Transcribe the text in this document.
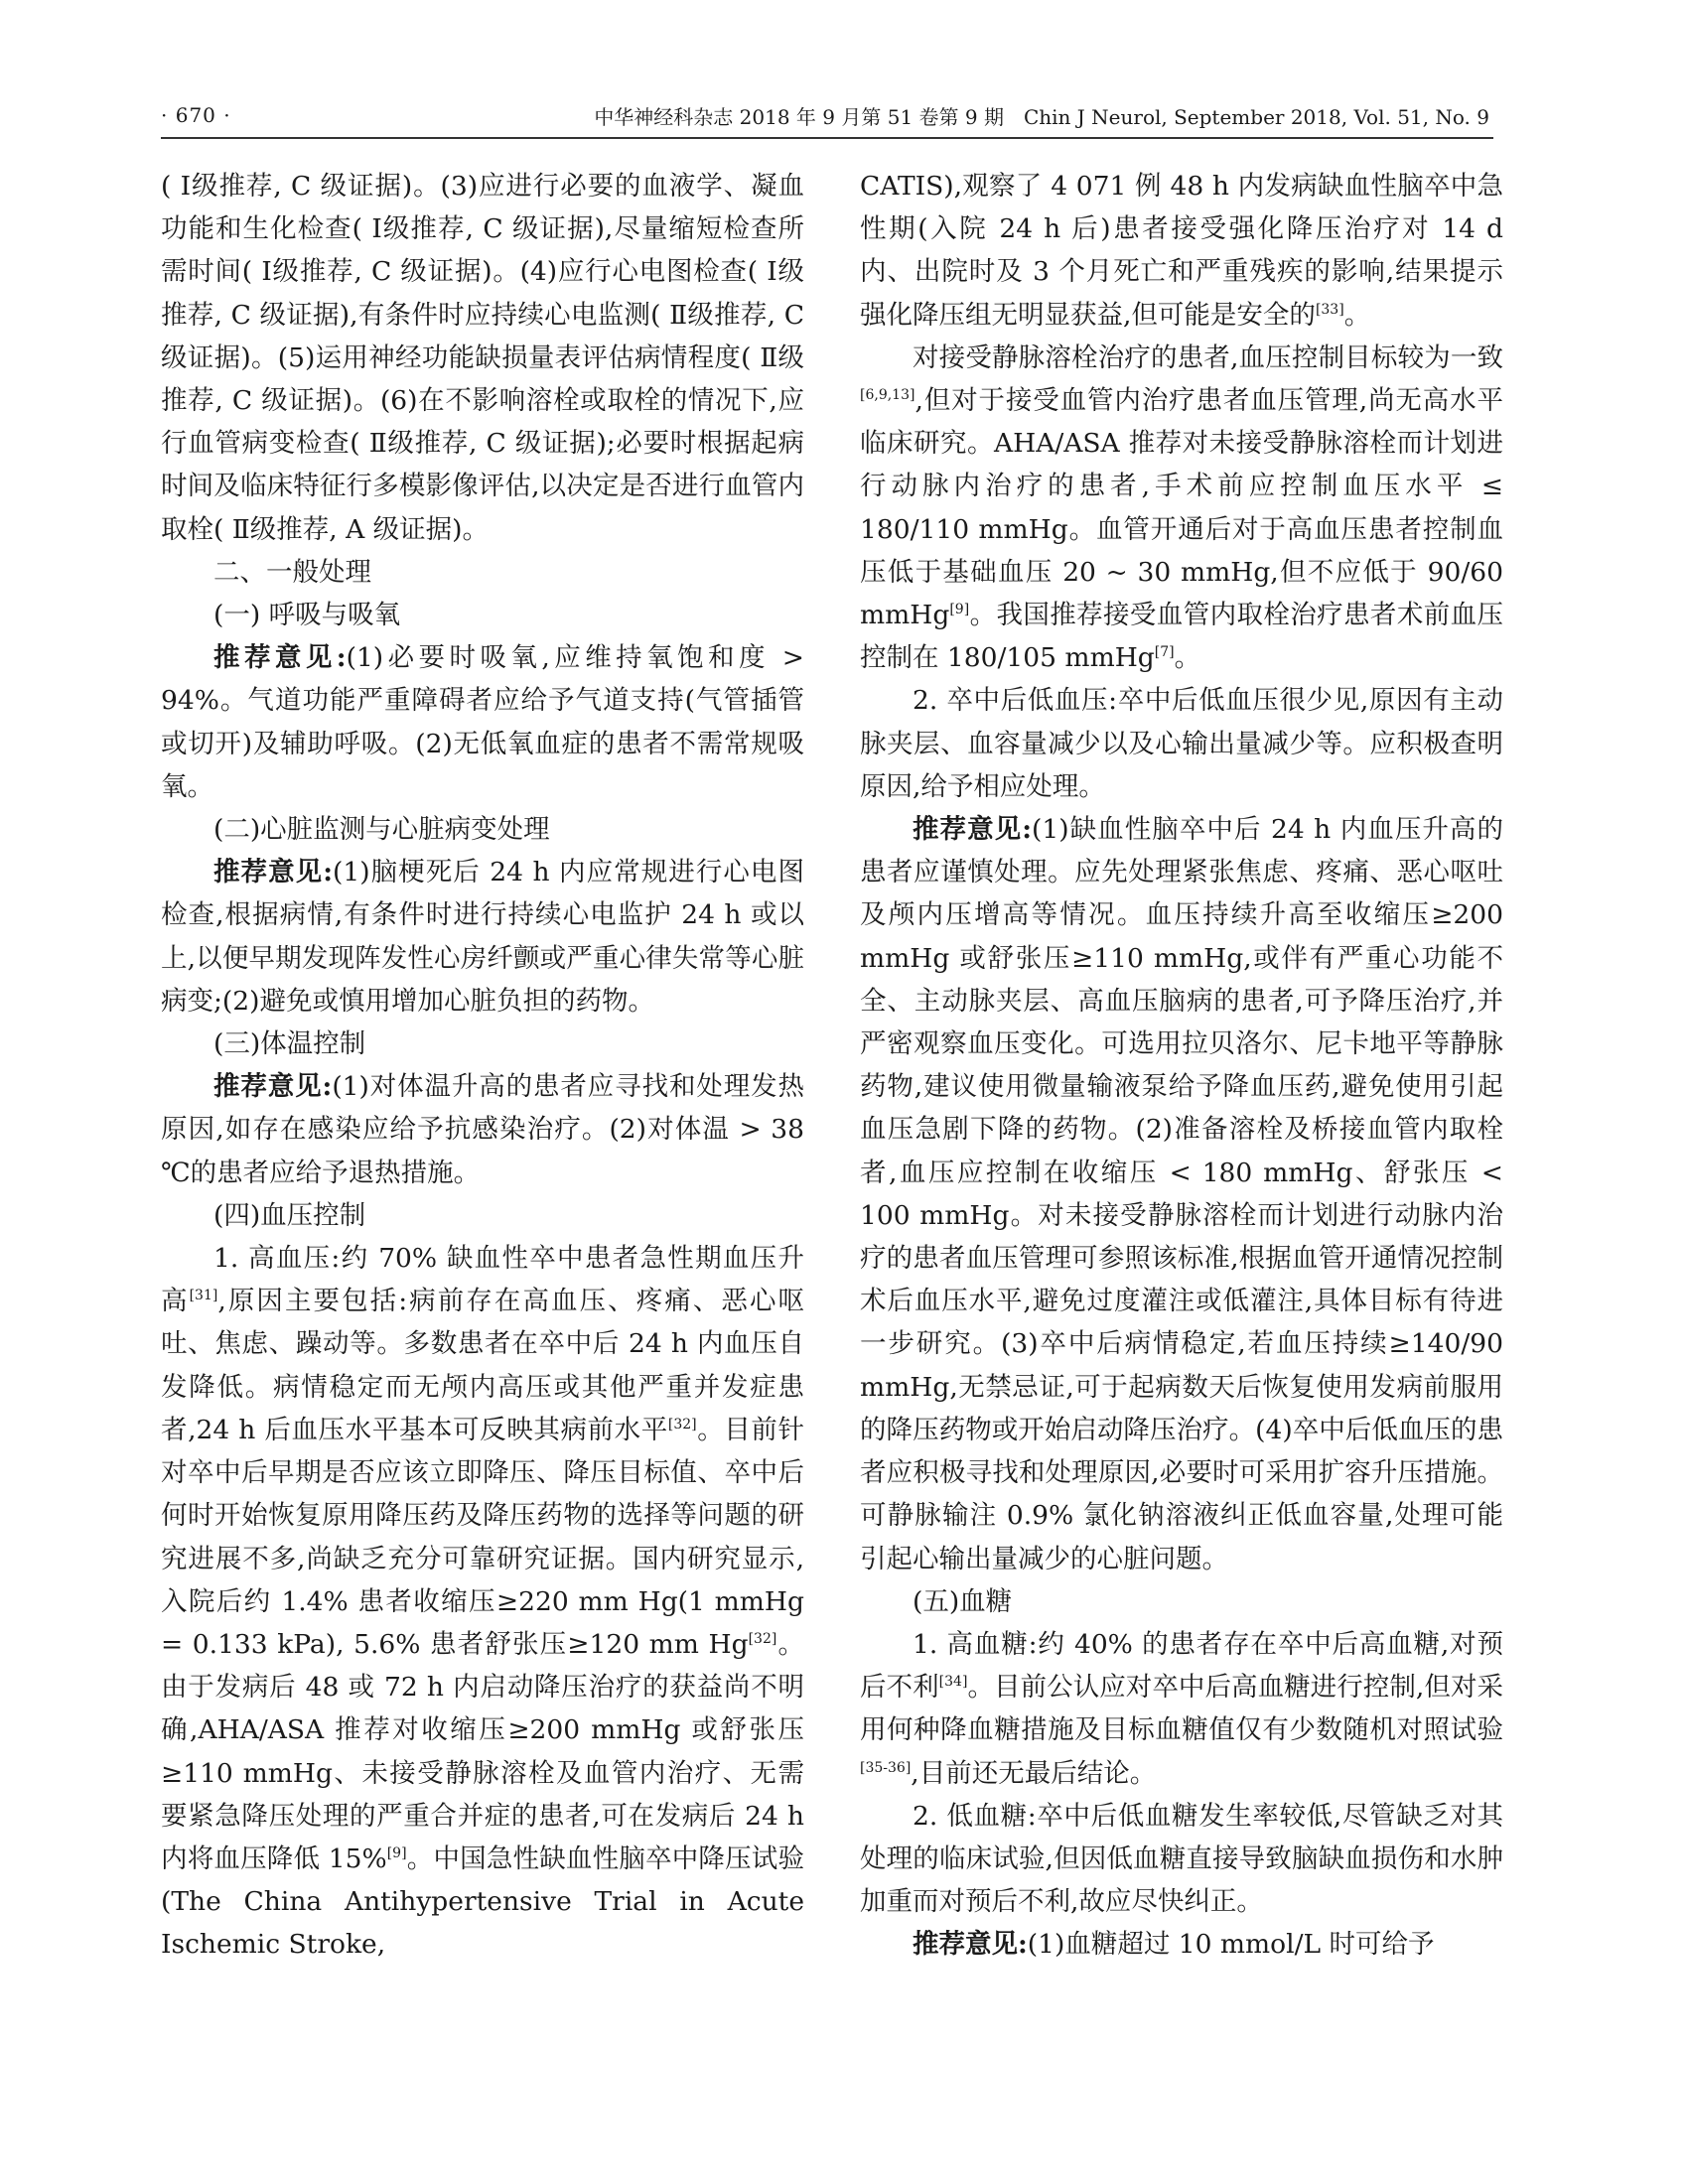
· 670 ·	中华神经科杂志 2018 年 9 月第 51 卷第 9 期　Chin J Neurol, September 2018, Vol. 51, No. 9

( Ⅰ级推荐, C 级证据)。(3)应进行必要的血液学、凝血功能和生化检查( Ⅰ级推荐, C 级证据),尽量缩短检查所需时间( Ⅰ级推荐, C 级证据)。(4)应行心电图检查( Ⅰ级推荐, C 级证据),有条件时应持续心电监测( Ⅱ级推荐, C 级证据)。(5)运用神经功能缺损量表评估病情程度( Ⅱ级推荐, C 级证据)。(6)在不影响溶栓或取栓的情况下,应行血管病变检查( Ⅱ级推荐, C 级证据);必要时根据起病时间及临床特征行多模影像评估,以决定是否进行血管内取栓( Ⅱ级推荐, A 级证据)。

二、一般处理

(一) 呼吸与吸氧

推荐意见:(1)必要时吸氧,应维持氧饱和度 > 94%。气道功能严重障碍者应给予气道支持(气管插管或切开)及辅助呼吸。(2)无低氧血症的患者不需常规吸氧。

(二)心脏监测与心脏病变处理

推荐意见:(1)脑梗死后 24 h 内应常规进行心电图检查,根据病情,有条件时进行持续心电监护 24 h 或以上,以便早期发现阵发性心房纤颤或严重心律失常等心脏病变;(2)避免或慎用增加心脏负担的药物。

(三)体温控制

推荐意见:(1)对体温升高的患者应寻找和处理发热原因,如存在感染应给予抗感染治疗。(2)对体温 > 38 ℃的患者应给予退热措施。

(四)血压控制

1. 高血压:约 70% 缺血性卒中患者急性期血压升高[31],原因主要包括:病前存在高血压、疼痛、恶心呕吐、焦虑、躁动等。多数患者在卒中后 24 h 内血压自发降低。病情稳定而无颅内高压或其他严重并发症患者,24 h 后血压水平基本可反映其病前水平[32]。目前针对卒中后早期是否应该立即降压、降压目标值、卒中后何时开始恢复原用降压药及降压药物的选择等问题的研究进展不多,尚缺乏充分可靠研究证据。国内研究显示,入院后约 1.4% 患者收缩压≥220 mm Hg(1 mmHg = 0.133 kPa), 5.6% 患者舒张压≥120 mm Hg[32]。由于发病后 48 或 72 h 内启动降压治疗的获益尚不明确,AHA/ASA 推荐对收缩压≥200 mmHg 或舒张压≥110 mmHg、未接受静脉溶栓及血管内治疗、无需要紧急降压处理的严重合并症的患者,可在发病后 24 h 内将血压降低 15%[9]。中国急性缺血性脑卒中降压试验(The China Antihypertensive Trial in Acute Ischemic Stroke,

CATIS),观察了 4 071 例 48 h 内发病缺血性脑卒中急性期(入院 24 h 后)患者接受强化降压治疗对 14 d 内、出院时及 3 个月死亡和严重残疾的影响,结果提示强化降压组无明显获益,但可能是安全的[33]。

对接受静脉溶栓治疗的患者,血压控制目标较为一致[6,9,13],但对于接受血管内治疗患者血压管理,尚无高水平临床研究。AHA/ASA 推荐对未接受静脉溶栓而计划进行动脉内治疗的患者,手术前应控制血压水平 ≤ 180/110 mmHg。血管开通后对于高血压患者控制血压低于基础血压 20 ~ 30 mmHg,但不应低于 90/60 mmHg[9]。我国推荐接受血管内取栓治疗患者术前血压控制在 180/105 mmHg[7]。

2. 卒中后低血压:卒中后低血压很少见,原因有主动脉夹层、血容量减少以及心输出量减少等。应积极查明原因,给予相应处理。

推荐意见:(1)缺血性脑卒中后 24 h 内血压升高的患者应谨慎处理。应先处理紧张焦虑、疼痛、恶心呕吐及颅内压增高等情况。血压持续升高至收缩压≥200 mmHg 或舒张压≥110 mmHg,或伴有严重心功能不全、主动脉夹层、高血压脑病的患者,可予降压治疗,并严密观察血压变化。可选用拉贝洛尔、尼卡地平等静脉药物,建议使用微量输液泵给予降血压药,避免使用引起血压急剧下降的药物。(2)准备溶栓及桥接血管内取栓者,血压应控制在收缩压 < 180 mmHg、舒张压 < 100 mmHg。对未接受静脉溶栓而计划进行动脉内治疗的患者血压管理可参照该标准,根据血管开通情况控制术后血压水平,避免过度灌注或低灌注,具体目标有待进一步研究。(3)卒中后病情稳定,若血压持续≥140/90 mmHg,无禁忌证,可于起病数天后恢复使用发病前服用的降压药物或开始启动降压治疗。(4)卒中后低血压的患者应积极寻找和处理原因,必要时可采用扩容升压措施。可静脉输注 0.9% 氯化钠溶液纠正低血容量,处理可能引起心输出量减少的心脏问题。

(五)血糖

1. 高血糖:约 40% 的患者存在卒中后高血糖,对预后不利[34]。目前公认应对卒中后高血糖进行控制,但对采用何种降血糖措施及目标血糖值仅有少数随机对照试验[35-36],目前还无最后结论。

2. 低血糖:卒中后低血糖发生率较低,尽管缺乏对其处理的临床试验,但因低血糖直接导致脑缺血损伤和水肿加重而对预后不利,故应尽快纠正。

推荐意见:(1)血糖超过 10 mmol/L 时可给予
